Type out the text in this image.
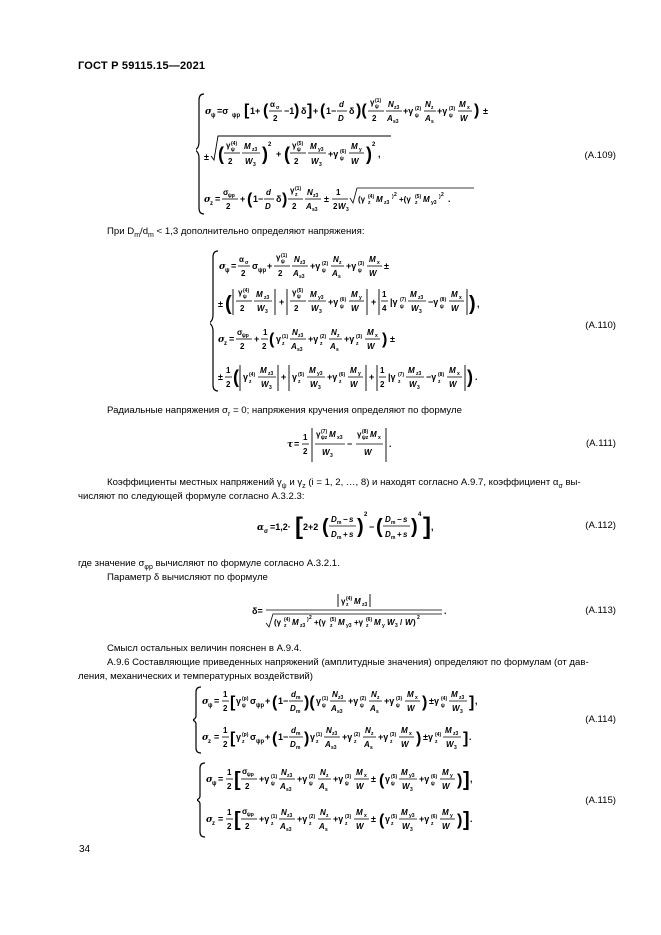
ГОСТ Р 59115.15—2021
σ ψ =σ ψp [ 1+ ( α σ
2
−1 ) δ ] + ( 1−
d
D
δ )( γ (1)
ψ
2
N z3
A s3
+γ (2)
ψ
N z
A s
+γ (3)
ψ
M x
W ) ±
± ( γ (4)
ψ
2
M z3
W 3
) 2
+ ( γ (5)
ψ
2
M y3
W 3
+γ (6)
ψ
M y
W ) 2
,
σ z =
σ ψp
2
+ ( 1−
d
D
δ )
γ (1)
z
2
N z3
A s3
±
1
2 W 3
(γ (4)
z M z3
) 2 +(γ (5)
z M y3
) 2 .
(А.109)
При $D_m/d_m < 1,3$ дополнительно определяют напряжения:
σ ψ =
α σ
2
σ ψp +
γ (1)
ψ
2
N z3
A s3
+γ (2)
ψ
N z
A s
+γ (3)
ψ
M x
W
±
± (
γ (4)
ψ
2
M z3
W 3
+
γ (5)
ψ
2
M y3
W 3
+γ (6)
ψ
M y
W
+
1
4
|γ (7)
ψ
M z3
W 3
−γ (8)
ψ
M x
W ) ,
σ z =
σ ψp
2
+
1
2 ( γ (1)
z
N z3
A s3
+γ (2)
z
N z
A s
+γ (3)
z
M x
W ) ±
±
1
2 ( γ (4)
z
M z3
W 3
+ γ (5)
z
M y3
W 3
+γ (6)
z
M y
W
+
1
2
|γ (7)
z
M z3
W 3
−γ (8)
z
M x
W ) .
(А.110)
Радиальные напряжения $\sigma_r = 0$; напряжения кручения определяют по формуле
τ =
1
2
γ (7)
ψz M x3
W 3
−
γ (8)
ψz M x
W
.	(А.111)
Коэффициенты местных напряжений $\gamma_\psi$ и $\gamma_z$ (i = 1, 2, …, 8) и находят согласно А.9.7, коэффициент $\alpha_\sigma$ вы-
числяют по следующей формуле согласно А.3.2.3:
α σ =1,2· [ 2+2 ( D m − s
D m + s )
2
− ( D m − s
D m + s )
4 ] ,	(А.112)
где значение $\sigma_{\varphi p}$ вычисляют по формуле согласно А.3.2.1.
Параметр δ вычисляют по формуле
δ=
γ (4)
z M z3
(γ (4)
z M z3
) 2 +(γ (5)
z M y3 +γ (6)
z M y W 3 / W ) 2
.	(А.113)
Смысл остальных величин пояснен в А.9.4.
А.9.6 Составляющие приведенных напряжений (амплитудные значения) определяют по формулам (от дав-
ления, механических и температурных воздействий)
σ ψ =
1
2 [ γ (p)
ψ σ ψp + ( 1−
d m
D m
)( γ (1)
ψ
N z3
A s3
+γ (2)
ψ
N z
A s
+γ (3)
ψ
M x
W ) ±γ (4)
ψ
M z3
W 3
] ,
σ z =
1
2 [ γ (p)
z σ ψp + ( 1−
d m
D m
) γ (1)
z
N z3
A s3
+γ (2)
z
N z
A s
+γ (3)
z
M x
W ) ±γ (4)
z
M z3
W 3
] .
(А.114)
σ ψ =
1
2 [ σ ψp
2
+γ (1)
ψ
N z3
A s3
+γ (2)
ψ
N z
A s
+γ (3)
ψ
M x
W
± ( γ (5)
ψ
M y3
W 3
+γ (6)
ψ
M y
W ) ] ,
σ z =
1
2 [ σ ψp
2
+γ (1)
z
N z3
A s3
+γ (2)
z
N z
A s
+γ (3)
z
M x
W
± ( γ (5)
z
M y3
W 3
+γ (6)
z
M y
W ) ] .
(А.115)
34
